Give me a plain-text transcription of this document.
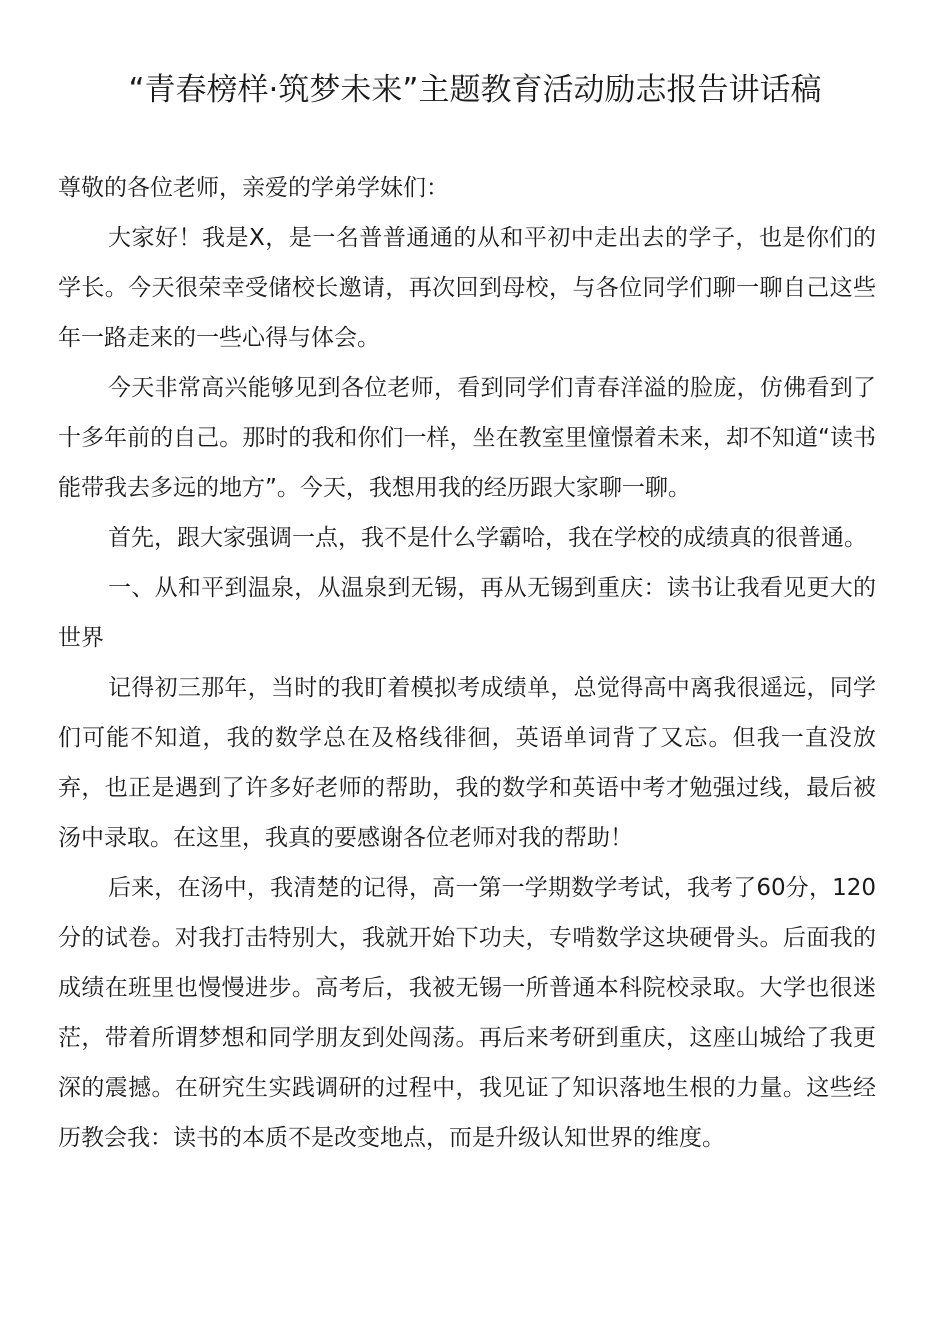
“青春榜样·筑梦未来”主题教育活动励志报告讲话稿

尊敬的各位老师，亲爱的学弟学妹们：

大家好！我是X，是一名普普通通的从和平初中走出去的学子，也是你们的学长。今天很荣幸受储校长邀请，再次回到母校，与各位同学们聊一聊自己这些年一路走来的一些心得与体会。

今天非常高兴能够见到各位老师，看到同学们青春洋溢的脸庞，仿佛看到了十多年前的自己。那时的我和你们一样，坐在教室里憧憬着未来，却不知道“读书能带我去多远的地方”。今天，我想用我的经历跟大家聊一聊。

首先，跟大家强调一点，我不是什么学霸哈，我在学校的成绩真的很普通。

一、从和平到温泉，从温泉到无锡，再从无锡到重庆：读书让我看见更大的世界

记得初三那年，当时的我盯着模拟考成绩单，总觉得高中离我很遥远，同学们可能不知道，我的数学总在及格线徘徊，英语单词背了又忘。但我一直没放弃，也正是遇到了许多好老师的帮助，我的数学和英语中考才勉强过线，最后被汤中录取。在这里，我真的要感谢各位老师对我的帮助！

后来，在汤中，我清楚的记得，高一第一学期数学考试，我考了60分，120分的试卷。对我打击特别大，我就开始下功夫，专啃数学这块硬骨头。后面我的成绩在班里也慢慢进步。高考后，我被无锡一所普通本科院校录取。大学也很迷茫，带着所谓梦想和同学朋友到处闯荡。再后来考研到重庆，这座山城给了我更深的震撼。在研究生实践调研的过程中，我见证了知识落地生根的力量。这些经历教会我：读书的本质不是改变地点，而是升级认知世界的维度。
